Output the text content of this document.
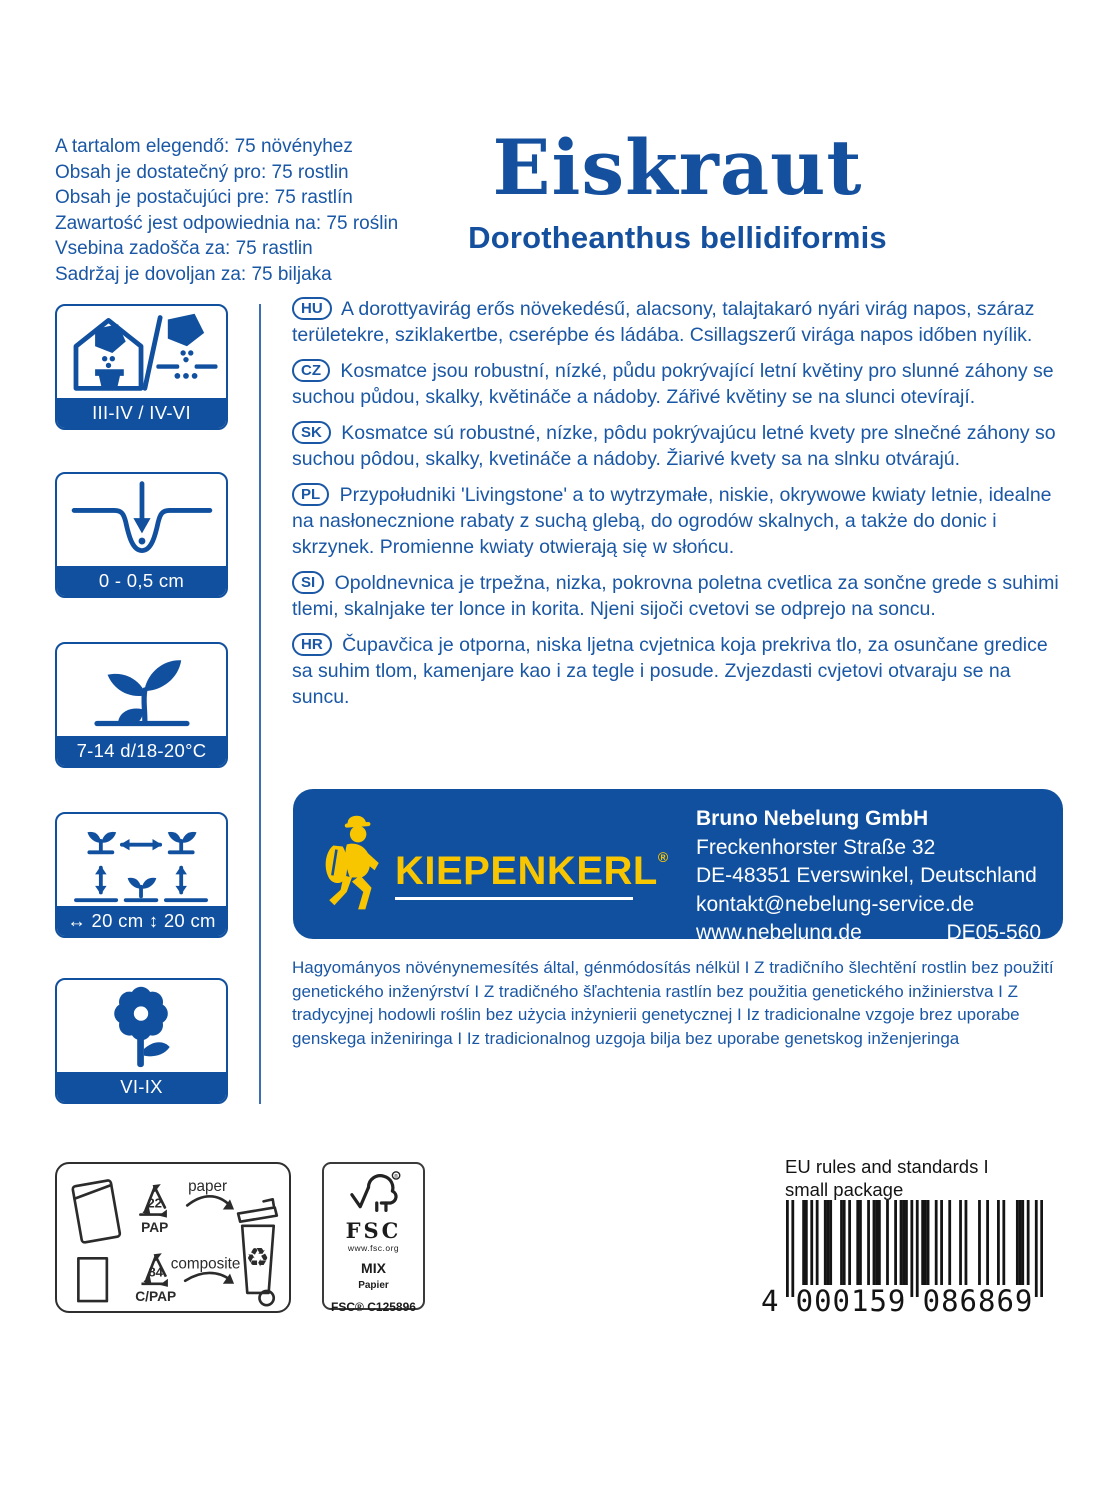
A tartalom elegendő: 75 növényhez
Obsah je dostatečný pro: 75 rostlin
Obsah je postačujúci pre: 75 rastlín
Zawartość jest odpowiednia na: 75 roślin
Vsebina zadošča za: 75 rastlin
Sadržaj je dovoljan za: 75 biljaka
Eiskraut
Dorotheanthus bellidiformis
III-IV / IV-VI
0 - 0,5 cm
7-14 d/18-20°C
↔ 20 cm ↕ 20 cm
VI-IX

HU A dorottyavirág erős növekedésű, alacsony, talajtakaró nyári virág napos, száraz területekre, sziklakertbe, cserépbe és ládába. Csillagszerű virága napos időben nyílik.

CZ Kosmatce jsou robustní, nízké, půdu pokrývající letní květiny pro slunné záhony se suchou půdou, skalky, květináče a nádoby. Zářivé květiny se na slunci otevírají.

SK Kosmatce sú robustné, nízke, pôdu pokrývajúcu letné kvety pre slnečné záhony so suchou pôdou, skalky, kvetináče a nádoby. Žiarivé kvety sa na slnku otvárajú.

PL Przypołudniki 'Livingstone' a to wytrzymałe, niskie, okrywowe kwiaty letnie, idealne na nasłonecznione rabaty z suchą glebą, do ogrodów skalnych, a także do donic i skrzynek. Promienne kwiaty otwierają się w słońcu.

SI Opoldnevnica je trpežna, nizka, pokrovna poletna cvetlica za sončne grede s suhimi tlemi, skalnjake ter lonce in korita. Njeni sijoči cvetovi se odprejo na soncu.

HR Čupavčica je otporna, niska ljetna cvjetnica koja prekriva tlo, za osunčane gredice sa suhim tlom, kamenjare kao i za tegle i posude. Zvjezdasti cvjetovi otvaraju se na suncu.

KIEPENKERL®
Bruno Nebelung GmbH
Freckenhorster Straße 32
DE-48351 Everswinkel, Deutschland
kontakt@nebelung-service.de
www.nebelung.de	DE05-560
Hagyományos növénynemesítés által, génmódosítás nélkül I Z tradičního šlechtění rostlin bez použití genetického inženýrství I Z tradičného šľachtenia rastlín bez použitia genetického inžinierstva I Z tradycyjnej hodowli roślin bez użycia inżynierii genetycznej I Iz tradicionalne vzgoje brez uporabe genskega inženiringa I Iz tradicionalnog uzgoja bilja bez uporabe genetskog inženjeringa
22
PAP
paper
84
C/PAP
composite ♻
®
FSC
www.fsc.org
MIX
Papier
FSC® C125896
EU rules and standards I
small package
4 000159 086869
